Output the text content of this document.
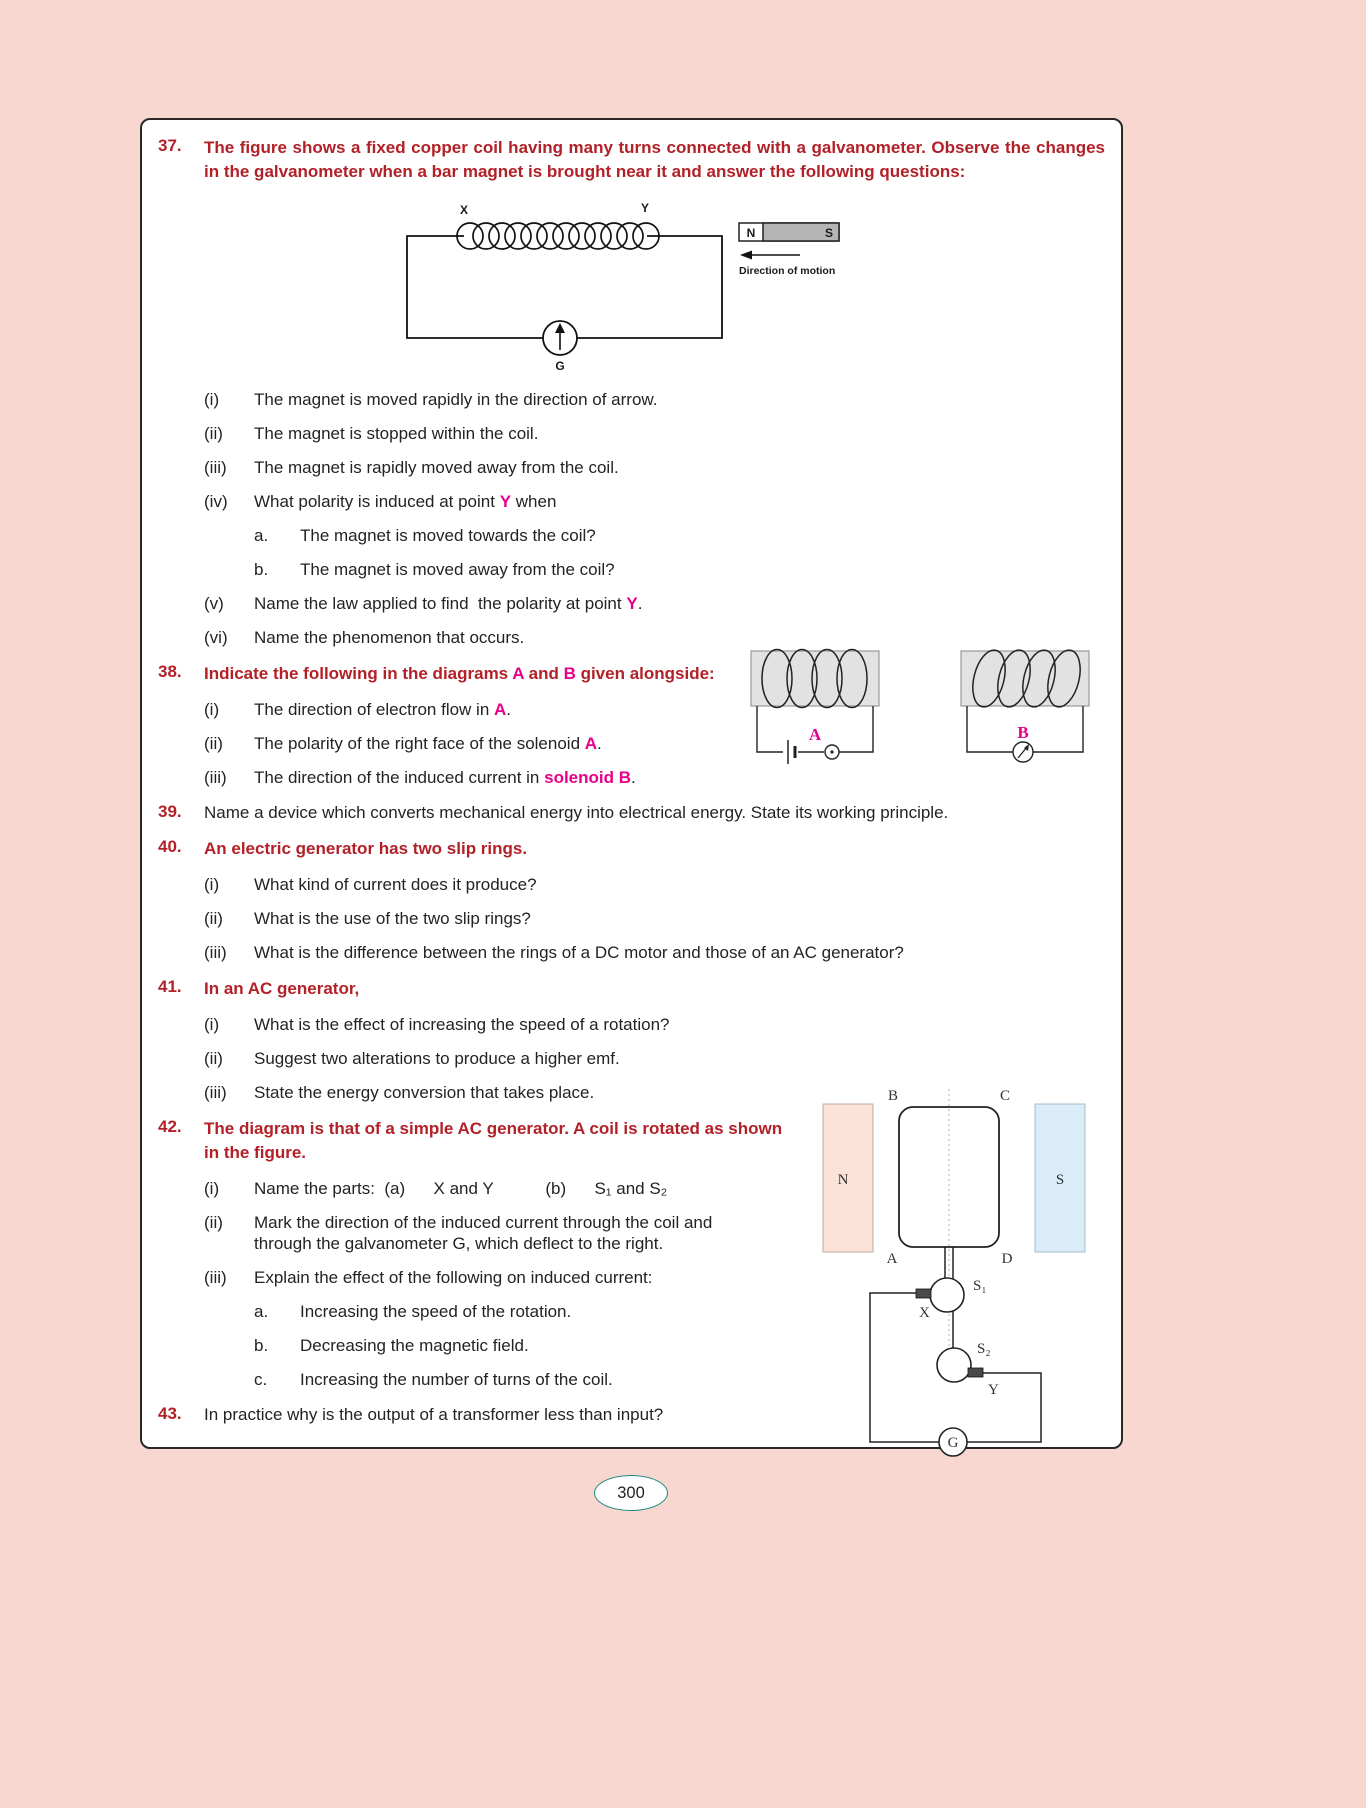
37.	The figure shows a fixed copper coil having many turns connected with a galvanometer. Observe the changes in the galvanometer when a bar magnet is brought near it and answer the following questions:
X	Y
G
N	S
Direction of motion
(i)	The magnet is moved rapidly in the direction of arrow.
(ii)	The magnet is stopped within the coil.
(iii)	The magnet is rapidly moved away from the coil.
(iv)	What polarity is induced at point Y when
a.	The magnet is moved towards the coil?
b.	The magnet is moved away from the coil?
(v)	Name the law applied to find  the polarity at point Y.
(vi)	Name the phenomenon that occurs.
38.	Indicate the following in the diagrams A and B given alongside:
(i)	The direction of electron flow in A.
(ii)	The polarity of the right face of the solenoid A.
(iii)	The direction of the induced current in solenoid B.
A	B
39.	Name a device which converts mechanical energy into electrical energy. State its working principle.
40.	An electric generator has two slip rings.
(i)	What kind of current does it produce?
(ii)	What is the use of the two slip rings?
(iii)	What is the difference between the rings of a DC motor and those of an AC generator?
41.	In an AC generator,
(i)	What is the effect of increasing the speed of a rotation?
(ii)	Suggest two alterations to produce a higher emf.
(iii)	State the energy conversion that takes place.
42.	The diagram is that of a simple AC generator. A coil is rotated as shown in the figure.
(i)	Name the parts:  (a)      X and Y           (b)      S₁ and S₂
(ii)	Mark the direction of the induced current through the coil and through the galvanometer G, which deflect to the right.
(iii)	Explain the effect of the following on induced current:
a.	Increasing the speed of the rotation.
b.	Decreasing the magnetic field.
c.	Increasing the number of turns of the coil.
N	S
B	C
A	D
S₁
S₂
X
Y
G
43.	In practice why is the output of a transformer less than input?
300
